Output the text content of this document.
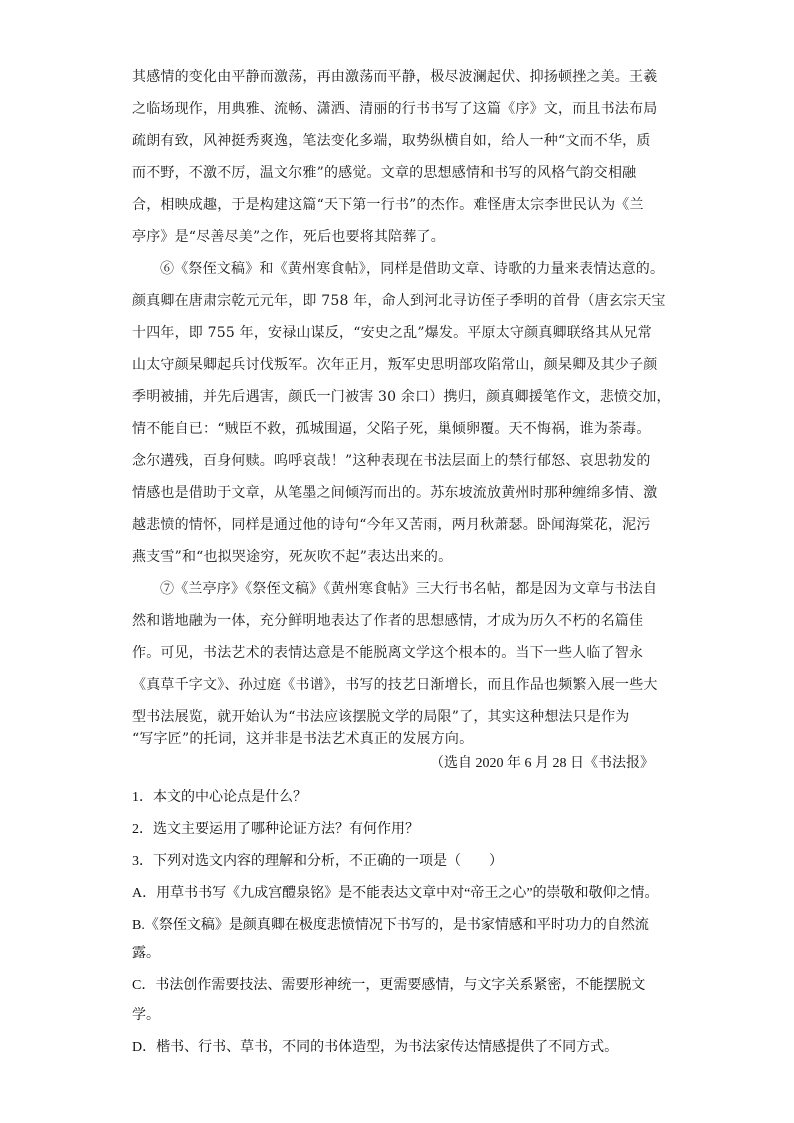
其感情的变化由平静而激荡，再由激荡而平静，极尽波澜起伏、抑扬顿挫之美。王羲
之临场现作，用典雅、流畅、潇洒、清丽的行书书写了这篇《序》文，而且书法布局
疏朗有致，风神挺秀爽逸，笔法变化多端，取势纵横自如，给人一种“文而不华，质
而不野，不激不厉，温文尔雅”的感觉。文章的思想感情和书写的风格气韵交相融
合，相映成趣，于是构建这篇“天下第一行书”的杰作。难怪唐太宗李世民认为《兰
亭序》是“尽善尽美”之作，死后也要将其陪葬了。
⑥《祭侄文稿》和《黄州寒食帖》，同样是借助文章、诗歌的力量来表情达意的。
颜真卿在唐肃宗乾元元年，即 758 年，命人到河北寻访侄子季明的首骨（唐玄宗天宝
十四年，即 755 年，安禄山谋反，“安史之乱”爆发。平原太守颜真卿联络其从兄常
山太守颜杲卿起兵讨伐叛军。次年正月，叛军史思明部攻陷常山，颜杲卿及其少子颜
季明被捕，并先后遇害，颜氏一门被害 30 余口）携归，颜真卿援笔作文，悲愤交加，
情不能自已：“贼臣不救，孤城围逼，父陷子死，巢倾卵覆。天不悔祸，谁为荼毒。
念尔遘残，百身何赎。呜呼哀哉！”这种表现在书法层面上的禁行郁怒、哀思勃发的
情感也是借助于文章，从笔墨之间倾泻而出的。苏东坡流放黄州时那种缠绵多情、激
越悲愤的情怀，同样是通过他的诗句“今年又苦雨，两月秋萧瑟。卧闻海棠花，泥污
燕支雪”和“也拟哭途穷，死灰吹不起”表达出来的。
⑦《兰亭序》《祭侄文稿》《黄州寒食帖》三大行书名帖，都是因为文章与书法自
然和谐地融为一体，充分鲜明地表达了作者的思想感情，才成为历久不朽的名篇佳
作。可见，书法艺术的表情达意是不能脱离文学这个根本的。当下一些人临了智永
《真草千字文》、孙过庭《书谱》，书写的技艺日渐增长，而且作品也频繁入展一些大
型书法展览，就开始认为“书法应该摆脱文学的局限”了，其实这种想法只是作为
“写字匠”的托词，这并非是书法艺术真正的发展方向。
（选自 2020 年 6 月 28 日《书法报》
1．本文的中心论点是什么？
2．选文主要运用了哪种论证方法？有何作用？
3．下列对选文内容的理解和分析，不正确的一项是（　　）
A．用草书书写《九成宫醴泉铭》是不能表达文章中对“帝王之心”的崇敬和敬仰之情。
B.《祭侄文稿》是颜真卿在极度悲愤情况下书写的，是书家情感和平时功力的自然流
露。
C．书法创作需要技法、需要形神统一，更需要感情，与文字关系紧密，不能摆脱文
学。
D．楷书、行书、草书，不同的书体造型，为书法家传达情感提供了不同方式。
